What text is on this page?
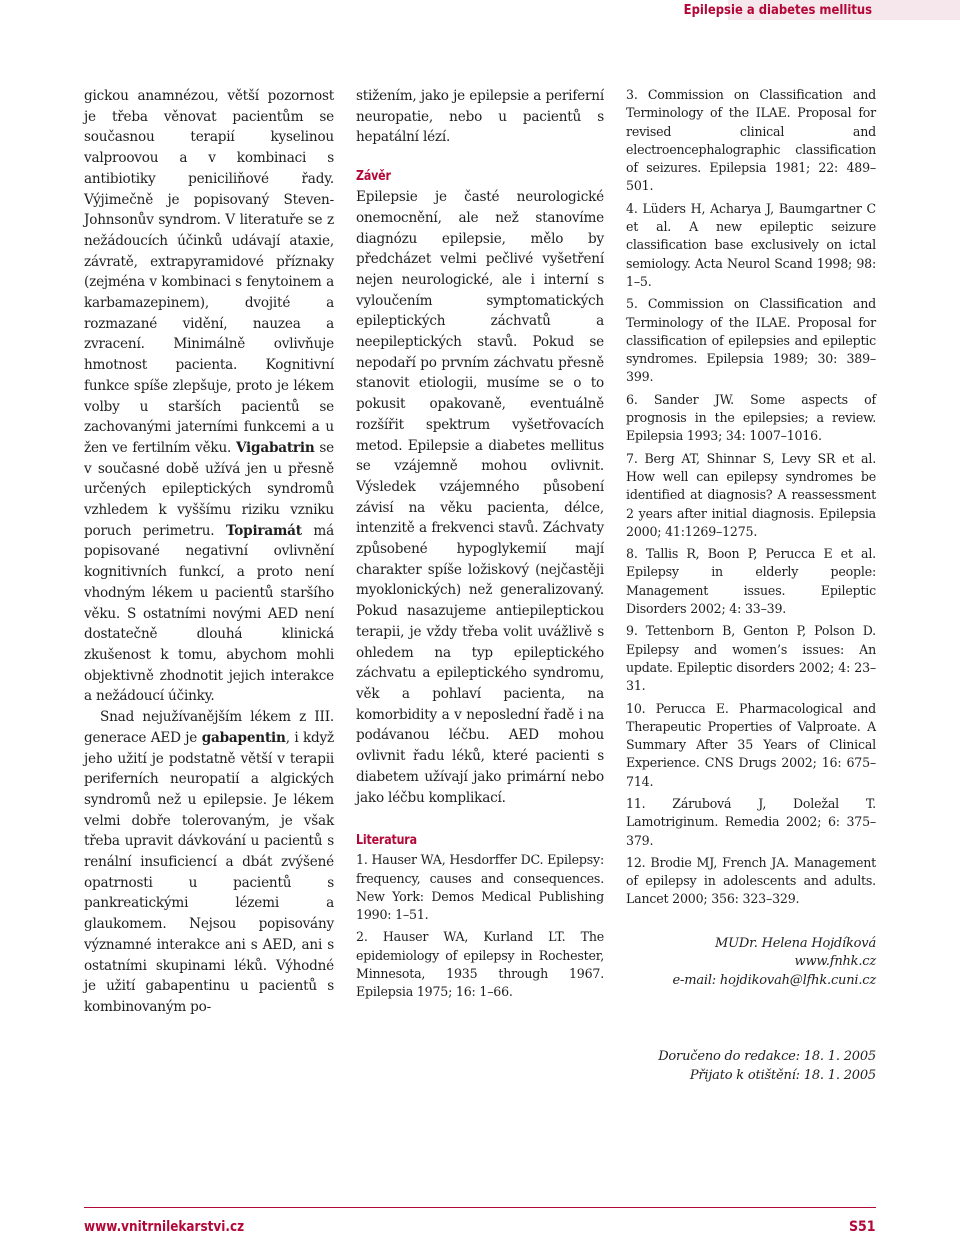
Epilepsie a diabetes mellitus

gickou anamnézou, větší pozornost je třeba věnovat pacientům se současnou terapií kyselinou valproovou a v kombinaci s antibiotiky peniciliňové řady. Výjimečně je popisovaný Steven-Johnsonův syndrom. V literatuře se z nežádoucích účinků udávají ataxie, závratě, extrapyramidové příznaky (zejména v kombinaci s fenytoinem a karbamazepinem), dvojité a rozmazané vidění, nauzea a zvracení. Minimálně ovlivňuje hmotnost pacienta. Kognitivní funkce spíše zlepšuje, proto je lékem volby u starších pacientů se zachovanými jaterními funkcemi a u žen ve fertilním věku. Vigabatrin se v současné době užívá jen u přesně určených epileptických syndromů vzhledem k vyššímu riziku vzniku poruch perimetru. Topiramát má popisované negativní ovlivnění kognitivních funkcí, a proto není vhodným lékem u pacientů staršího věku. S ostatními novými AED není dostatečně dlouhá klinická zkušenost k tomu, abychom mohli objektivně zhodnotit jejich interakce a nežádoucí účinky.

Snad nejužívanějším lékem z III. generace AED je gabapentin, i když jeho užití je podstatně větší v terapii periferních neuropatií a algických syndromů než u epilepsie. Je lékem velmi dobře tolerovaným, je však třeba upravit dávkování u pacientů s renální insuficiencí a dbát zvýšené opatrnosti u pacientů s pankreatickými lézemi a glaukomem. Nejsou popisovány významné interakce ani s AED, ani s ostatními skupinami léků. Výhodné je užití gabapentinu u pacientů s kombinovaným po-

stižením, jako je epilepsie a periferní neuropatie, nebo u pacientů s hepatální lézí.

Závěr

Epilepsie je časté neurologické onemocnění, ale než stanovíme diagnózu epilepsie, mělo by předcházet velmi pečlivé vyšetření nejen neurologické, ale i interní s vyloučením symptomatických epileptických záchvatů a neepileptických stavů. Pokud se nepodaří po prvním záchvatu přesně stanovit etiologii, musíme se o to pokusit opakovaně, eventuálně rozšířit spektrum vyšetřovacích metod. Epilepsie a diabetes mellitus se vzájemně mohou ovlivnit. Výsledek vzájemného působení závisí na věku pacienta, délce, intenzitě a frekvenci stavů. Záchvaty způsobené hypoglykemií mají charakter spíše ložiskový (nejčastěji myoklonických) než generalizovaný. Pokud nasazujeme antiepileptickou terapii, je vždy třeba volit uvážlivě s ohledem na typ epileptického záchvatu a epileptického syndromu, věk a pohlaví pacienta, na komorbidity a v neposlední řadě i na podávanou léčbu. AED mohou ovlivnit řadu léků, které pacienti s diabetem užívají jako primární nebo jako léčbu komplikací.

Literatura

1. Hauser WA, Hesdorffer DC. Epilepsy: frequency, causes and consequences. New York: Demos Medical Publishing 1990: 1–51.

2. Hauser WA, Kurland LT. The epidemiology of epilepsy in Rochester, Minnesota, 1935 through 1967. Epilepsia 1975; 16: 1–66.

3. Commission on Classification and Terminology of the ILAE. Proposal for revised clinical and electroencephalographic classification of seizures. Epilepsia 1981; 22: 489–501.

4. Lüders H, Acharya J, Baumgartner C et al. A new epileptic seizure classification base exclusively on ictal semiology. Acta Neurol Scand 1998; 98: 1–5.

5. Commission on Classification and Terminology of the ILAE. Proposal for classification of epilepsies and epileptic syndromes. Epilepsia 1989; 30: 389–399.

6. Sander JW. Some aspects of prognosis in the epilepsies; a review. Epilepsia 1993; 34: 1007–1016.

7. Berg AT, Shinnar S, Levy SR et al. How well can epilepsy syndromes be identified at diagnosis? A reassessment 2 years after initial diagnosis. Epilepsia 2000; 41:1269–1275.

8. Tallis R, Boon P, Perucca E et al. Epilepsy in elderly people: Management issues. Epileptic Disorders 2002; 4: 33–39.

9. Tettenborn B, Genton P, Polson D. Epilepsy and women’s issues: An update. Epileptic disorders 2002; 4: 23–31.

10. Perucca E. Pharmacological and Therapeutic Properties of Valproate. A Summary After 35 Years of Clinical Experience. CNS Drugs 2002; 16: 675–714.

11. Zárubová J, Doležal T. Lamotriginum. Remedia 2002; 6: 375–379.

12. Brodie MJ, French JA. Management of epilepsy in adolescents and adults. Lancet 2000; 356: 323–329.

MUDr. Helena Hojdíková

www.fnhk.cz

e-mail: hojdikovah@lfhk.cuni.cz

Doručeno do redakce: 18. 1. 2005

Přijato k otištění: 18. 1. 2005

www.vnitrnilekarstvi.cz	S51
